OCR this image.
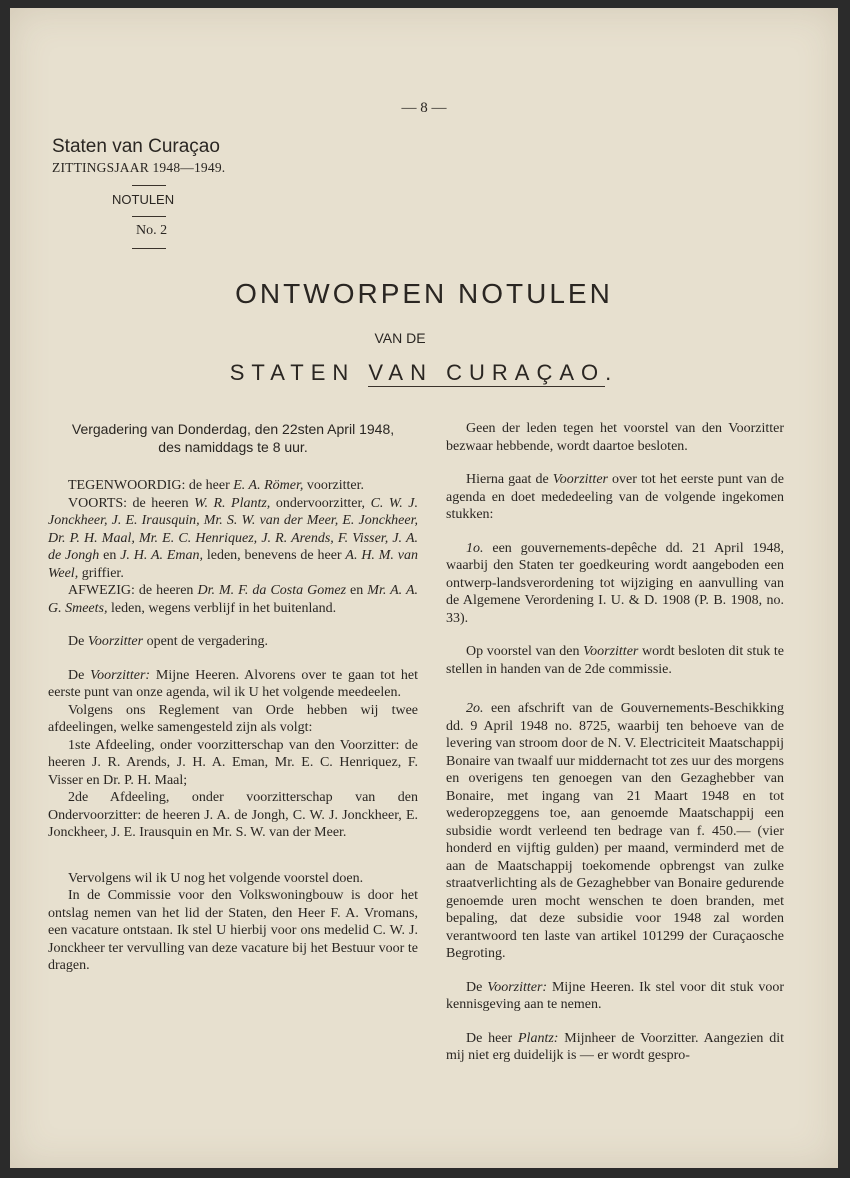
— 8 —
Staten van Curaçao
ZITTINGSJAAR 1948—1949.
NOTULEN
No. 2
ONTWORPEN NOTULEN
VAN DE
STATEN VAN CURAÇAO.
Vergadering van Donderdag, den 22sten April 1948,
des namiddags te 8 uur.

TEGENWOORDIG: de heer E. A. Römer, voorzitter.

VOORTS: de heeren W. R. Plantz, ondervoorzitter, C. W. J. Jonckheer, J. E. Irausquin, Mr. S. W. van der Meer, E. Jonckheer, Dr. P. H. Maal, Mr. E. C. Henriquez, J. R. Arends, F. Visser, J. A. de Jongh en J. H. A. Eman, leden, benevens de heer A. H. M. van Weel, griffier.

AFWEZIG: de heeren Dr. M. F. da Costa Gomez en Mr. A. A. G. Smeets, leden, wegens verblijf in het buitenland.

De Voorzitter opent de vergadering.

De Voorzitter: Mijne Heeren. Alvorens over te gaan tot het eerste punt van onze agenda, wil ik U het volgende meedeelen.

Volgens ons Reglement van Orde hebben wij twee afdeelingen, welke samengesteld zijn als volgt:

1ste Afdeeling, onder voorzitterschap van den Voorzitter: de heeren J. R. Arends, J. H. A. Eman, Mr. E. C. Henriquez, F. Visser en Dr. P. H. Maal;

2de Afdeeling, onder voorzitterschap van den Ondervoorzitter: de heeren J. A. de Jongh, C. W. J. Jonckheer, E. Jonckheer, J. E. Irausquin en Mr. S. W. van der Meer.

Vervolgens wil ik U nog het volgende voorstel doen.

In de Commissie voor den Volkswoningbouw is door het ontslag nemen van het lid der Staten, den Heer F. A. Vromans, een vacature ontstaan. Ik stel U hierbij voor ons medelid C. W. J. Jonckheer ter vervulling van deze vacature bij het Bestuur voor te dragen.

Geen der leden tegen het voorstel van den Voorzitter bezwaar hebbende, wordt daartoe besloten.

Hierna gaat de Voorzitter over tot het eerste punt van de agenda en doet mededeeling van de volgende ingekomen stukken:

1o. een gouvernements-depêche dd. 21 April 1948, waarbij den Staten ter goedkeuring wordt aangeboden een ontwerp-landsverordening tot wijziging en aanvulling van de Algemene Verordening I. U. & D. 1908 (P. B. 1908, no. 33).

Op voorstel van den Voorzitter wordt besloten dit stuk te stellen in handen van de 2de commissie.

2o. een afschrift van de Gouvernements-Beschikking dd. 9 April 1948 no. 8725, waarbij ten behoeve van de levering van stroom door de N. V. Electriciteit Maatschappij Bonaire van twaalf uur middernacht tot zes uur des morgens en overigens ten genoegen van den Gezaghebber van Bonaire, met ingang van 21 Maart 1948 en tot wederopzeggens toe, aan genoemde Maatschappij een subsidie wordt verleend ten bedrage van f. 450.— (vier honderd en vijftig gulden) per maand, verminderd met de aan de Maatschappij toekomende opbrengst van zulke straatverlichting als de Gezaghebber van Bonaire gedurende genoemde uren mocht wenschen te doen branden, met bepaling, dat deze subsidie voor 1948 zal worden verantwoord ten laste van artikel 101299 der Curaçaosche Begroting.

De Voorzitter: Mijne Heeren. Ik stel voor dit stuk voor kennisgeving aan te nemen.

De heer Plantz: Mijnheer de Voorzitter. Aangezien dit mij niet erg duidelijk is — er wordt gespro-
